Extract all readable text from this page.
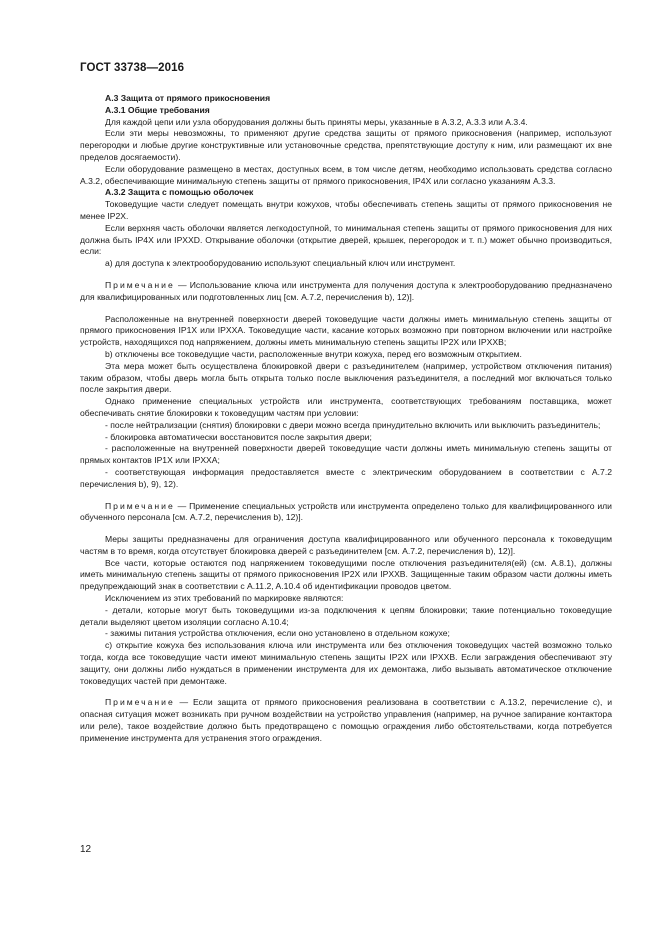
ГОСТ 33738—2016

A.3 Защита от прямого прикосновения

A.3.1 Общие требования

Для каждой цепи или узла оборудования должны быть приняты меры, указанные в A.3.2, A.3.3 или A.3.4.

Если эти меры невозможны, то применяют другие средства защиты от прямого прикосновения (например, используют перегородки и любые другие конструктивные или установочные средства, препятствующие доступу к ним, или размещают их вне пределов досягаемости).

Если оборудование размещено в местах, доступных всем, в том числе детям, необходимо использовать средства согласно A.3.2, обеспечивающие минимальную степень защиты от прямого прикосновения, IP4X или согласно указаниям A.3.3.

A.3.2 Защита с помощью оболочек

Токоведущие части следует помещать внутри кожухов, чтобы обеспечивать степень защиты от прямого прикосновения не менее IP2X.

Если верхняя часть оболочки является легкодоступной, то минимальная степень защиты от прямого прикосновения для них должна быть IP4X или IPXXD. Открывание оболочки (открытие дверей, крышек, перегородок и т. п.) может обычно производиться, если:

а) для доступа к электрооборудованию используют специальный ключ или инструмент.

Примечание — Использование ключа или инструмента для получения доступа к электрооборудованию предназначено для квалифицированных или подготовленных лиц [см. A.7.2, перечисления b), 12)].

Расположенные на внутренней поверхности дверей токоведущие части должны иметь минимальную степень защиты от прямого прикосновения IP1X или IPXXA. Токоведущие части, касание которых возможно при повторном включении или настройке устройств, находящихся под напряжением, должны иметь минимальную степень защиты IP2X или IPXXB;

b) отключены все токоведущие части, расположенные внутри кожуха, перед его возможным открытием.

Эта мера может быть осуществлена блокировкой двери с разъединителем (например, устройством отключения питания) таким образом, чтобы дверь могла быть открыта только после выключения разъединителя, а последний мог включаться только после закрытия двери.

Однако применение специальных устройств или инструмента, соответствующих требованиям поставщика, может обеспечивать снятие блокировки к токоведущим частям при условии:

- после нейтрализации (снятия) блокировки с двери можно всегда принудительно включить или выключить разъединитель;

- блокировка автоматически восстановится после закрытия двери;

- расположенные на внутренней поверхности дверей токоведущие части должны иметь минимальную степень защиты от прямых контактов IP1X или IPXXA;

- соответствующая информация предоставляется вместе с электрическим оборудованием в соответствии с A.7.2 перечисления b), 9), 12).

Примечание — Применение специальных устройств или инструмента определено только для квалифицированного или обученного персонала [см. A.7.2, перечисления b), 12)].

Меры защиты предназначены для ограничения доступа квалифицированного или обученного персонала к токоведущим частям в то время, когда отсутствует блокировка дверей с разъединителем [см. A.7.2, перечисления b), 12)].

Все части, которые остаются под напряжением токоведущими после отключения разъединителя(ей) (см. A.8.1), должны иметь минимальную степень защиты от прямого прикосновения IP2X или IPXXB. Защищенные таким образом части должны иметь предупреждающий знак в соответствии с A.11.2, A.10.4 об идентификации проводов цветом.

Исключением из этих требований по маркировке являются:

- детали, которые могут быть токоведущими из-за подключения к цепям блокировки; такие потенциально токоведущие детали выделяют цветом изоляции согласно A.10.4;

- зажимы питания устройства отключения, если оно установлено в отдельном кожухе;

с) открытие кожуха без использования ключа или инструмента или без отключения токоведущих частей возможно только тогда, когда все токоведущие части имеют минимальную степень защиты IP2X или IPXXB. Если заграждения обеспечивают эту защиту, они должны либо нуждаться в применении инструмента для их демонтажа, либо вызывать автоматическое отключение токоведущих частей при демонтаже.

Примечание — Если защита от прямого прикосновения реализована в соответствии с A.13.2, перечисление с), и опасная ситуация может возникать при ручном воздействии на устройство управления (например, на ручное запирание контактора или реле), такое воздействие должно быть предотвращено с помощью ограждения либо обстоятельствами, когда потребуется применение инструмента для устранения этого ограждения.

12
